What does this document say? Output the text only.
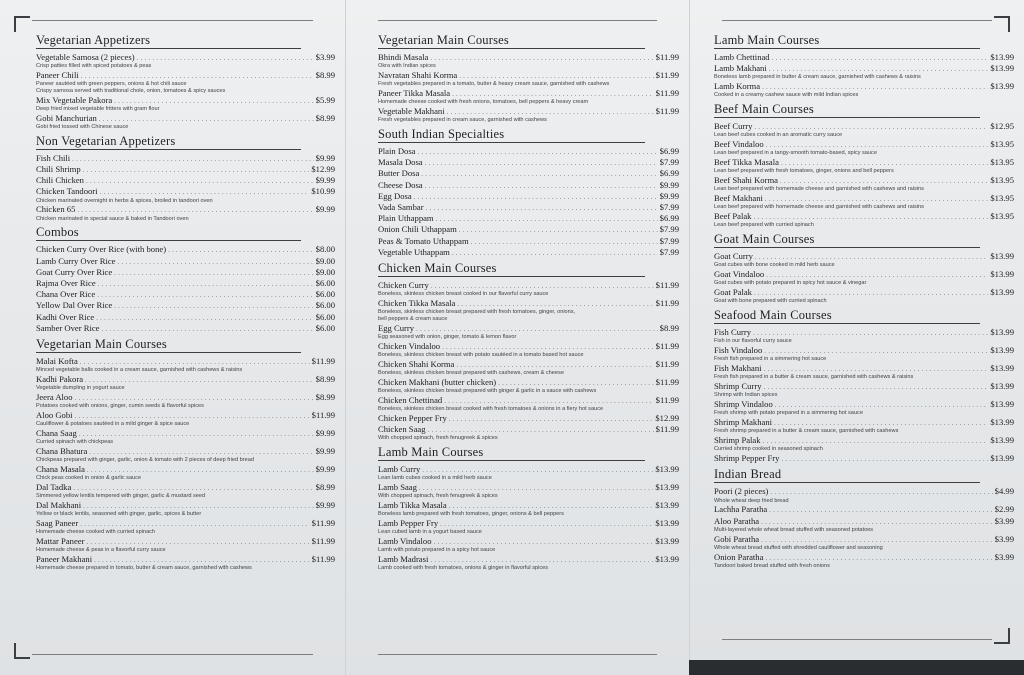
Vegetarian Appetizers
Vegetable Samosa (2 pieces) .....	$3.99
Crisp patties filled with spiced potatoes & peas
Paneer Chili .....	$8.99
Paneer sautéed with green peppers, onions & hot chili sauce
Crispy samosa served with traditional chole, onion, tomatoes & spicy sauces
Mix Vegetable Pakora .....	$5.99
Deep fried mixed vegetable fritters with gram flour
Gobi Manchurian .....	$8.99
Gobi fried tossed with Chinese sauce
Non Vegetarian Appetizers
Fish Chili .....	$9.99
Chili Shrimp .....	$12.99
Chili Chicken .....	$9.99
Chicken Tandoori .....	$10.99
Chicken marinated overnight in herbs & spices, broiled in tandoori oven
Chicken 65 .....	$9.99
Chicken marinated in special sauce & baked in Tandoori oven
Combos
Chicken Curry Over Rice (with bone) .....	$8.00
Lamb Curry Over Rice .....	$9.00
Goat Curry Over Rice .....	$9.00
Rajma Over Rice .....	$6.00
Chana Over Rice .....	$6.00
Yellow Dal Over Rice .....	$6.00
Kadhi Over Rice .....	$6.00
Samber Over Rice .....	$6.00
Vegetarian Main Courses
Malai Kofta .....	$11.99
Minced vegetable balls cooked in a cream sauce, garnished with cashews & raisins
Kadhi Pakora .....	$8.99
Vegetable dumpling in yogurt sauce
Jeera Aloo .....	$8.99
Potatoes cooked with onions, ginger, cumin seeds & flavorful spices
Aloo Gobi .....	$11.99
Cauliflower & potatoes sautéed in a mild ginger & spice sauce
Chana Saag .....	$9.99
Curried spinach with chickpeas
Chana Bhatura .....	$9.99
Chickpeas prepared with ginger, garlic, onion & tomato with 2 pieces of deep fried bread
Chana Masala .....	$9.99
Chick peas cooked in onion & garlic sauce
Dal Tadka .....	$8.99
Simmered yellow lentils tempered with ginger, garlic & mustard seed
Dal Makhani .....	$9.99
Yellow or black lentils, seasoned with ginger, garlic, spices & butter
Saag Paneer .....	$11.99
Homemade cheese cooked with curried spinach
Mattar Paneer .....	$11.99
Homemade cheese & peas in a flavorful curry sauce
Paneer Makhani .....	$11.99
Homemade cheese prepared in tomato, butter & cream sauce, garnished with cashews
Vegetarian Main Courses
Bhindi Masala .....	$11.99
Okra with Indian spices
Navratan Shahi Korma .....	$11.99
Fresh vegetables prepared in a tomato, butter & heavy cream sauce, garnished with cashews
Paneer Tikka Masala .....	$11.99
Homemade cheese cooked with fresh onions, tomatoes, bell peppers & heavy cream
Vegetable Makhani .....	$11.99
Fresh vegetables prepared in cream sauce, garnished with cashews
South Indian Specialties
Plain Dosa .....	$6.99
Masala Dosa .....	$7.99
Butter Dosa .....	$6.99
Cheese Dosa .....	$9.99
Egg Dosa .....	$9.99
Vada Sambar .....	$7.99
Plain Uthappam .....	$6.99
Onion Chili Uthappam .....	$7.99
Peas & Tomato Uthappam .....	$7.99
Vegetable Uthappam .....	$7.99
Chicken Main Courses
Chicken Curry .....	$11.99
Boneless, skinless chicken breast cooked in our flavorful curry sauce
Chicken Tikka Masala .....	$11.99
Boneless, skinless chicken breast prepared with fresh tomatoes, ginger, onions,
bell peppers & cream sauce
Egg Curry .....	$8.99
Egg seasoned with onion, ginger, tomato & lemon flavor
Chicken Vindaloo .....	$11.99
Boneless, skinless chicken breast with potato sautéed in a tomato based hot sauce
Chicken Shahi Korma .....	$11.99
Boneless, skinless chicken breast prepared with cashews, cream & cheese
Chicken Makhani (butter chicken) .....	$11.99
Boneless, skinless chicken breast prepared with ginger & garlic in a sauce with cashews
Chicken Chettinad .....	$11.99
Boneless, skinless chicken breast cooked with fresh tomatoes & onions in a fiery hot sauce
Chicken Pepper Fry .....	$12.99
Chicken Saag .....	$11.99
With chopped spinach, fresh fenugreek & spices
Lamb Main Courses
Lamb Curry .....	$13.99
Lean lamb cubes cooked in a mild herb sauce
Lamb Saag .....	$13.99
With chopped spinach, fresh fenugreek & spices
Lamb Tikka Masala .....	$13.99
Boneless lamb prepared with fresh tomatoes, ginger, onions & bell peppers
Lamb Pepper Fry .....	$13.99
Lean cubed lamb in a yogurt based sauce
Lamb Vindaloo .....	$13.99
Lamb with potato prepared in a spicy hot sauce
Lamb Madrasi .....	$13.99
Lamb cooked with fresh tomatoes, onions & ginger in flavorful spices
Lamb Main Courses
Lamb Chettinad .....	$13.99
Lamb Makhani .....	$13.99
Boneless lamb prepared in butter & cream sauce, garnished with cashews & raisins
Lamb Korma .....	$13.99
Cooked in a creamy cashew sauce with mild Indian spices
Beef Main Courses
Beef Curry .....	$12.95
Lean beef cubes cooked in an aromatic curry sauce
Beef Vindaloo .....	$13.95
Lean beef prepared in a tangy-smooth tomato-based, spicy sauce
Beef Tikka Masala .....	$13.95
Lean beef prepared with fresh tomatoes, ginger, onions and bell peppers
Beef Shahi Korma .....	$13.95
Lean beef prepared with homemade cheese and garnished with cashews and raisins
Beef Makhani .....	$13.95
Lean beef prepared with homemade cheese and garnished with cashews and raisins
Beef Palak .....	$13.95
Lean beef prepared with curried spinach
Goat Main Courses
Goat Curry .....	$13.99
Goat cubes with bone cooked in mild herb sauce
Goat Vindaloo .....	$13.99
Goat cubes with potato prepared in spicy hot sauce & vinegar
Goat Palak .....	$13.99
Goat with bone prepared with curried spinach
Seafood Main Courses
Fish Curry .....	$13.99
Fish in our flavorful curry sauce
Fish Vindaloo .....	$13.99
Fresh fish prepared in a simmering hot sauce
Fish Makhani .....	$13.99
Fresh fish prepared in a butter & cream sauce, garnished with cashews & raisins
Shrimp Curry .....	$13.99
Shrimp with Indian spices
Shrimp Vindaloo .....	$13.99
Fresh shrimp with potato prepared in a simmering hot sauce
Shrimp Makhani .....	$13.99
Fresh shrimp prepared in a butter & cream sauce, garnished with cashews
Shrimp Palak .....	$13.99
Curried shrimp cooked in seasoned spinach
Shrimp Pepper Fry .....	$13.99
Indian Bread
Poori (2 pieces) .....	$4.99
Whole wheat deep fried bread
Lachha Paratha .....	$2.99
Aloo Paratha .....	$3.99
Multi-layered whole wheat bread stuffed with seasoned potatoes
Gobi Paratha .....	$3.99
Whole wheat bread stuffed with shredded cauliflower and seasoning
Onion Paratha .....	$3.99
Tandoori baked bread stuffed with fresh onions
